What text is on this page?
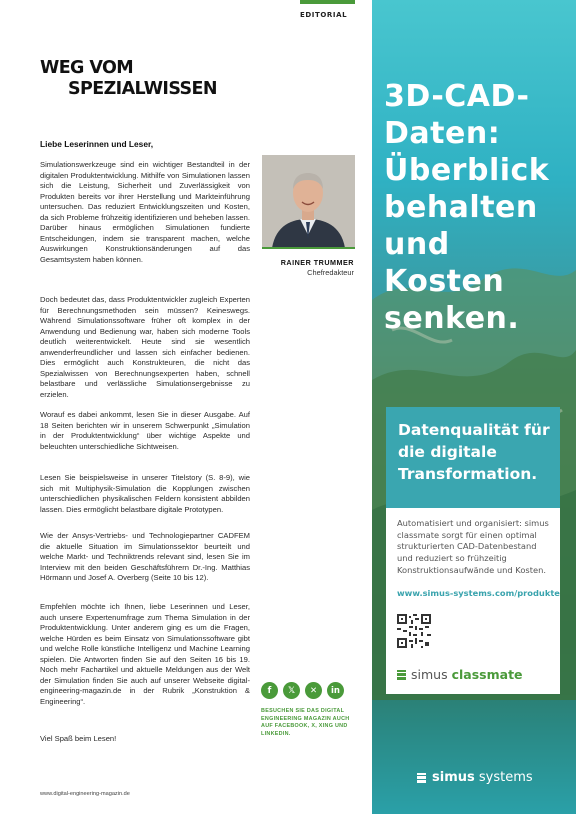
EDITORIAL
WEG VOM
SPEZIALWISSEN
Liebe Leserinnen und Leser,

Simulationswerkzeuge sind ein wichtiger Bestandteil in der digitalen Produktentwicklung. Mithilfe von Simulationen lassen sich die Leistung, Sicherheit und Zuverlässigkeit von Produkten bereits vor ihrer Herstellung und Markteinführung untersuchen. Das reduziert Entwicklungszeiten und Kosten, da sich Probleme frühzeitig identifizieren und beheben lassen. Darüber hinaus ermöglichen Simulationen fundierte Entscheidungen, indem sie transparent machen, welche Auswirkungen Konstruktionsänderungen auf das Gesamtsystem haben können.

Doch bedeutet das, dass Produktentwickler zugleich Experten für Berechnungsmethoden sein müssen? Keineswegs. Während Simulationssoftware früher oft komplex in der Anwendung und Bedienung war, haben sich moderne Tools deutlich weiterentwickelt. Heute sind sie wesentlich anwenderfreundlicher und lassen sich einfacher bedienen. Dies ermöglicht auch Konstrukteuren, die nicht das Spezialwissen von Berechnungsexperten haben, schnell belastbare und verlässliche Simulationsergebnisse zu erzielen.

Worauf es dabei ankommt, lesen Sie in dieser Ausgabe. Auf 18 Seiten berichten wir in unserem Schwerpunkt „Simulation in der Produktentwicklung“ über wichtige Aspekte und beleuchten unterschiedliche Sichtweisen.

Lesen Sie beispielsweise in unserer Titelstory (S. 8-9), wie sich mit Multiphysik-Simulation die Kopplungen zwischen unterschiedlichen physikalischen Feldern konsistent abbilden lassen. Dies ermöglicht belastbare digitale Prototypen.

Wie der Ansys-Vertriebs- und Technologiepartner CADFEM die aktuelle Situation im Simulationssektor beurteilt und welche Markt- und Techniktrends relevant sind, lesen Sie im Interview mit den beiden Geschäftsführern Dr.-Ing. Matthias Hörmann und Josef A. Overberg (Seite 10 bis 12).

Empfehlen möchte ich Ihnen, liebe Leserinnen und Leser, auch unsere Expertenumfrage zum Thema Simulation in der Produktentwicklung. Unter anderem ging es um die Fragen, welche Hürden es beim Einsatz von Simulationssoftware gibt und welche Rolle künstliche Intelligenz und Machine Learning spielen. Die Antworten finden Sie auf den Seiten 16 bis 19. Noch mehr Fachartikel und aktuelle Meldungen aus der Welt der Simulation finden Sie auch auf unserer Webseite digital-engineering-magazin.de in der Rubrik „Konstruktion & Engineering“.

Viel Spaß beim Lesen!

RAINER TRUMMER
Chefredakteur
f	𝕏	✕	in
BESUCHEN SIE DAS DIGITAL ENGINEERING MAGAZIN AUCH AUF FACEBOOK, X, XING UND LINKEDIN.
www.digital-engineering-magazin.de
3D-CAD-Daten: Überblick behalten und Kosten senken.
Datenqualität für die digitale Transformation.
Automatisiert und organisiert: simus classmate sorgt für einen optimal strukturierten CAD-Datenbestand und reduziert so frühzeitig Konstruktionsaufwände und Kosten.
www.simus-systems.com/produkte
simus classmate
simus systems
